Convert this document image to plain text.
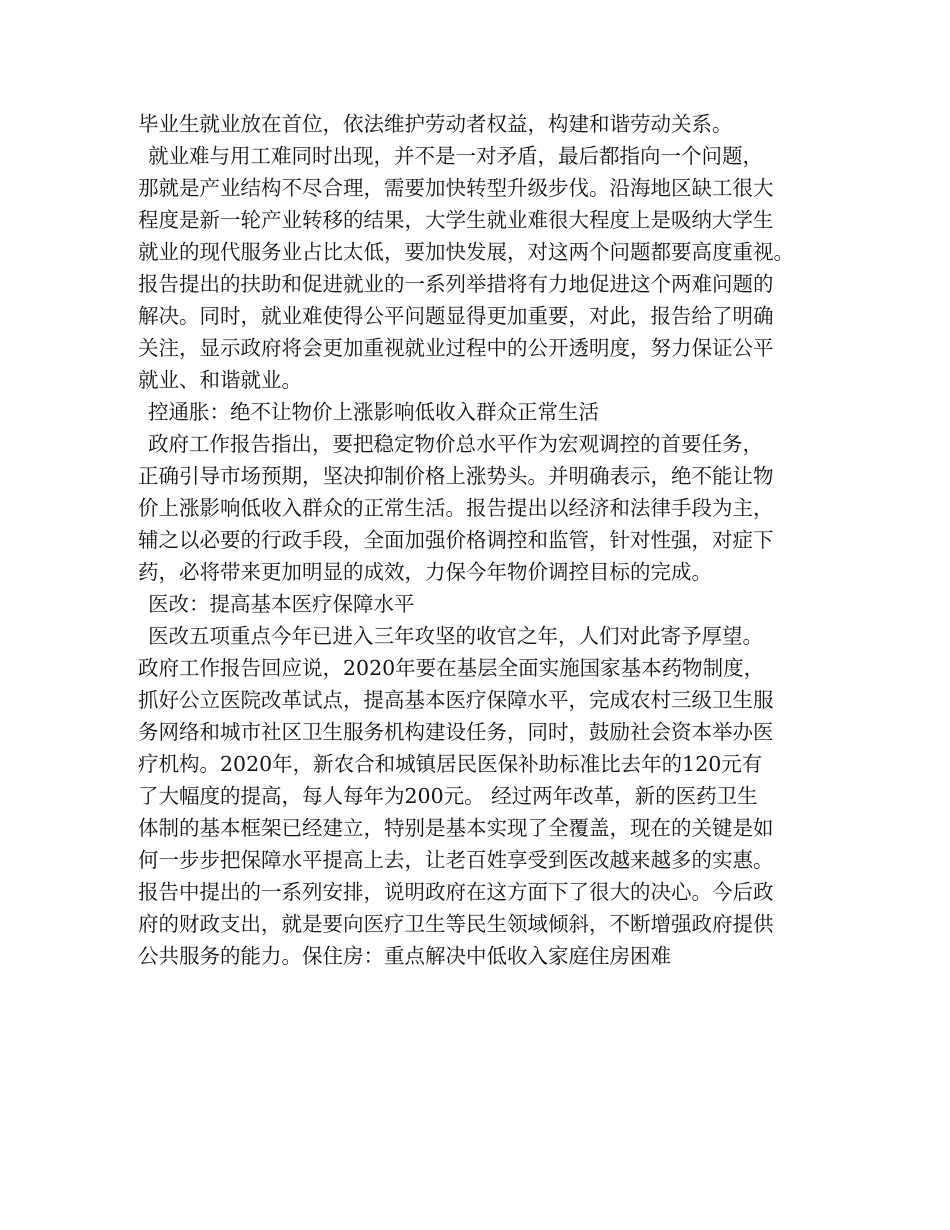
毕业生就业放在首位，依法维护劳动者权益，构建和谐劳动关系。
就业难与用工难同时出现，并不是一对矛盾，最后都指向一个问题，
那就是产业结构不尽合理，需要加快转型升级步伐。沿海地区缺工很大
程度是新一轮产业转移的结果，大学生就业难很大程度上是吸纳大学生
就业的现代服务业占比太低，要加快发展，对这两个问题都要高度重视。
报告提出的扶助和促进就业的一系列举措将有力地促进这个两难问题的
解决。同时，就业难使得公平问题显得更加重要，对此，报告给了明确
关注，显示政府将会更加重视就业过程中的公开透明度，努力保证公平
就业、和谐就业。
控通胀：绝不让物价上涨影响低收入群众正常生活
政府工作报告指出，要把稳定物价总水平作为宏观调控的首要任务，
正确引导市场预期，坚决抑制价格上涨势头。并明确表示，绝不能让物
价上涨影响低收入群众的正常生活。报告提出以经济和法律手段为主，
辅之以必要的行政手段，全面加强价格调控和监管，针对性强，对症下
药，必将带来更加明显的成效，力保今年物价调控目标的完成。
医改：提高基本医疗保障水平
医改五项重点今年已进入三年攻坚的收官之年，人们对此寄予厚望。
政府工作报告回应说，2020年要在基层全面实施国家基本药物制度，
抓好公立医院改革试点，提高基本医疗保障水平，完成农村三级卫生服
务网络和城市社区卫生服务机构建设任务，同时，鼓励社会资本举办医
疗机构。2020年，新农合和城镇居民医保补助标准比去年的120元有
了大幅度的提高，每人每年为200元。 经过两年改革，新的医药卫生
体制的基本框架已经建立，特别是基本实现了全覆盖，现在的关键是如
何一步步把保障水平提高上去，让老百姓享受到医改越来越多的实惠。
报告中提出的一系列安排，说明政府在这方面下了很大的决心。今后政
府的财政支出，就是要向医疗卫生等民生领域倾斜，不断增强政府提供
公共服务的能力。保住房：重点解决中低收入家庭住房困难
